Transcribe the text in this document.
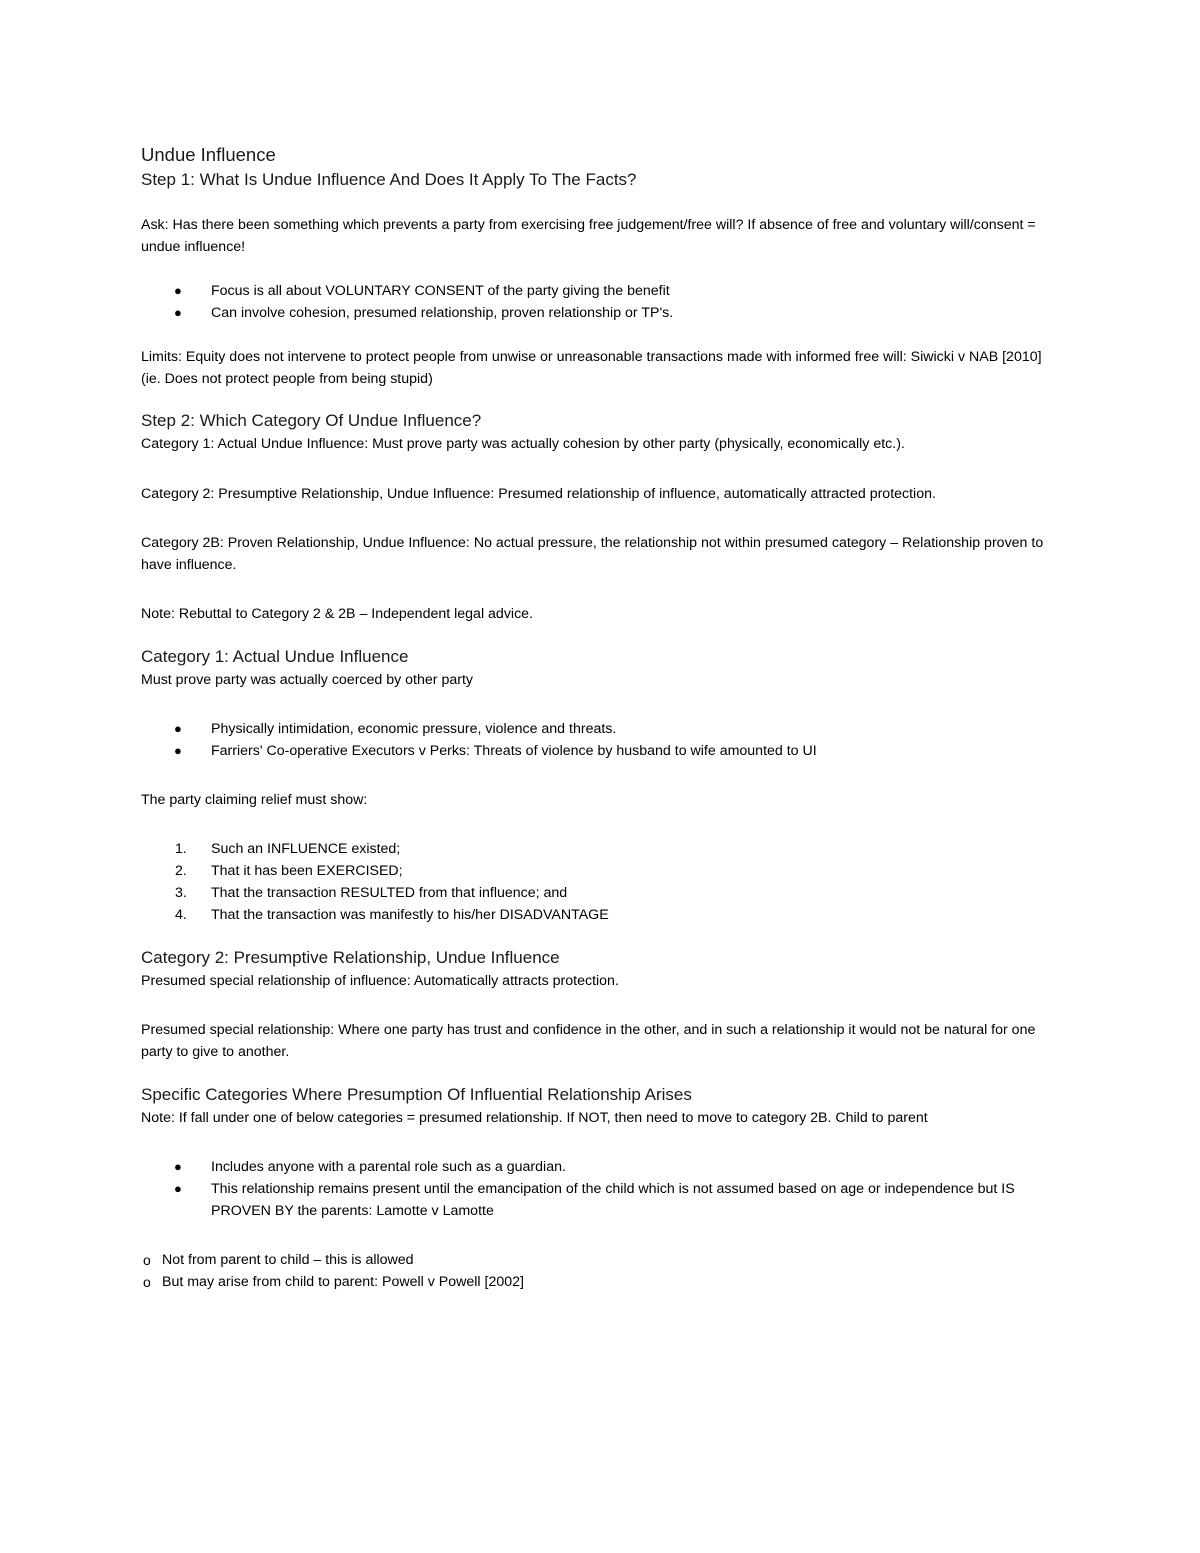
Undue Influence
Step 1: What Is Undue Influence And Does It Apply To The Facts?

Ask: Has there been something which prevents a party from exercising free judgement/free will? If absence of free and voluntary will/consent = undue influence!

● Focus is all about VOLUNTARY CONSENT of the party giving the benefit
● Can involve cohesion, presumed relationship, proven relationship or TP's.

Limits: Equity does not intervene to protect people from unwise or unreasonable transactions made with informed free will: Siwicki v NAB [2010] (ie. Does not protect people from being stupid)

Step 2: Which Category Of Undue Influence?

Category 1: Actual Undue Influence: Must prove party was actually cohesion by other party (physically, economically etc.).

Category 2: Presumptive Relationship, Undue Influence: Presumed relationship of influence, automatically attracted protection.

Category 2B: Proven Relationship, Undue Influence: No actual pressure, the relationship not within presumed category – Relationship proven to have influence.

Note: Rebuttal to Category 2 & 2B – Independent legal advice.

Category 1: Actual Undue Influence

Must prove party was actually coerced by other party

● Physically intimidation, economic pressure, violence and threats.
● Farriers' Co-operative Executors v Perks: Threats of violence by husband to wife amounted to UI

The party claiming relief must show:

1. Such an INFLUENCE existed;
2. That it has been EXERCISED;
3. That the transaction RESULTED from that influence; and
4. That the transaction was manifestly to his/her DISADVANTAGE
Category 2: Presumptive Relationship, Undue Influence

Presumed special relationship of influence: Automatically attracts protection.

Presumed special relationship: Where one party has trust and confidence in the other, and in such a relationship it would not be natural for one party to give to another.

Specific Categories Where Presumption Of Influential Relationship Arises

Note: If fall under one of below categories = presumed relationship. If NOT, then need to move to category 2B. Child to parent

● Includes anyone with a parental role such as a guardian.
● This relationship remains present until the emancipation of the child which is not assumed based on age or independence but IS PROVEN BY the parents: Lamotte v Lamotte
o Not from parent to child – this is allowed
o But may arise from child to parent: Powell v Powell [2002]
